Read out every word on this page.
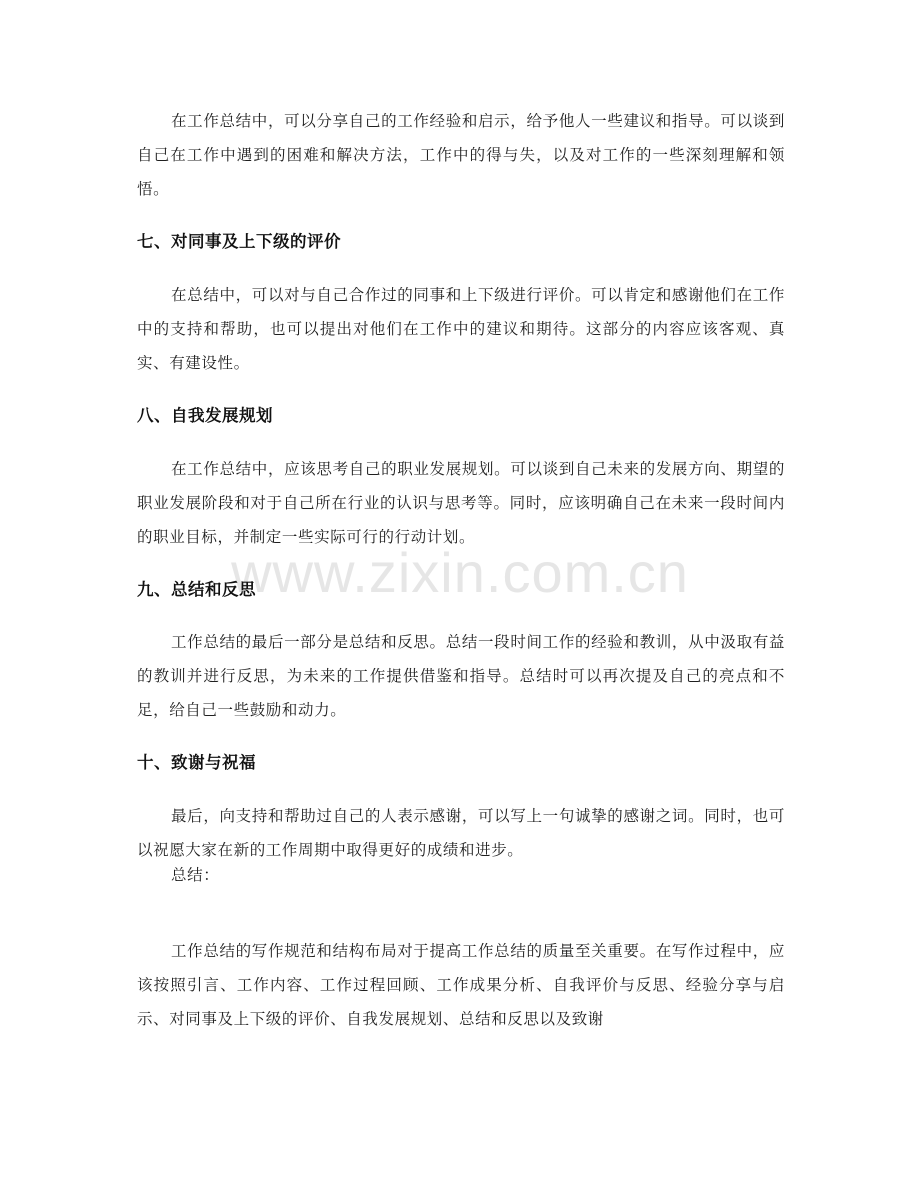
www.zixin.com.cn

在工作总结中，可以分享自己的工作经验和启示，给予他人一些建议和指导。可以谈到自己在工作中遇到的困难和解决方法，工作中的得与失，以及对工作的一些深刻理解和领悟。

七、对同事及上下级的评价

在总结中，可以对与自己合作过的同事和上下级进行评价。可以肯定和感谢他们在工作中的支持和帮助，也可以提出对他们在工作中的建议和期待。这部分的内容应该客观、真实、有建设性。

八、自我发展规划

在工作总结中，应该思考自己的职业发展规划。可以谈到自己未来的发展方向、期望的职业发展阶段和对于自己所在行业的认识与思考等。同时，应该明确自己在未来一段时间内的职业目标，并制定一些实际可行的行动计划。

九、总结和反思

工作总结的最后一部分是总结和反思。总结一段时间工作的经验和教训，从中汲取有益的教训并进行反思，为未来的工作提供借鉴和指导。总结时可以再次提及自己的亮点和不足，给自己一些鼓励和动力。

十、致谢与祝福

最后，向支持和帮助过自己的人表示感谢，可以写上一句诚挚的感谢之词。同时，也可以祝愿大家在新的工作周期中取得更好的成绩和进步。

总结：

工作总结的写作规范和结构布局对于提高工作总结的质量至关重要。在写作过程中，应该按照引言、工作内容、工作过程回顾、工作成果分析、自我评价与反思、经验分享与启示、对同事及上下级的评价、自我发展规划、总结和反思以及致谢
